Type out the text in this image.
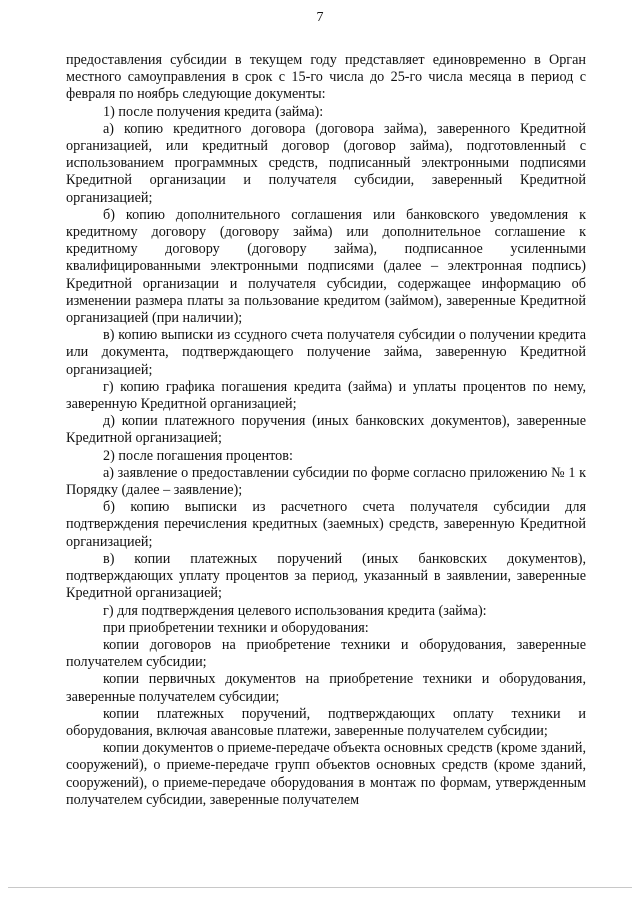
7

предоставления субсидии в текущем году представляет единовременно в Орган местного самоуправления в срок с 15-го числа до 25-го числа месяца в период с февраля по ноябрь следующие документы:

1) после получения кредита (займа):

а) копию кредитного договора (договора займа), заверенного Кредитной организацией, или кредитный договор (договор займа), подготовленный с использованием программных средств, подписанный электронными подписями Кредитной организации и получателя субсидии, заверенный Кредитной организацией;

б) копию дополнительного соглашения или банковского уведомления к кредитному договору (договору займа) или дополнительное соглашение к кредитному договору (договору займа), подписанное усиленными квалифицированными электронными подписями (далее – электронная подпись) Кредитной организации и получателя субсидии, содержащее информацию об изменении размера платы за пользование кредитом (займом), заверенные Кредитной организацией (при наличии);

в) копию выписки из ссудного счета получателя субсидии о получении кредита или документа, подтверждающего получение займа, заверенную Кредитной организацией;

г) копию графика погашения кредита (займа) и уплаты процентов по нему, заверенную Кредитной организацией;

д) копии платежного поручения (иных банковских документов), заверенные Кредитной организацией;

2) после погашения процентов:

а) заявление о предоставлении субсидии по форме согласно приложению № 1 к Порядку (далее – заявление);

б) копию выписки из расчетного счета получателя субсидии для подтверждения перечисления кредитных (заемных) средств, заверенную Кредитной организацией;

в) копии платежных поручений (иных банковских документов), подтверждающих уплату процентов за период, указанный в заявлении, заверенные Кредитной организацией;

г) для подтверждения целевого использования кредита (займа):

при приобретении техники и оборудования:

копии договоров на приобретение техники и оборудования, заверенные получателем субсидии;

копии первичных документов на приобретение техники и оборудования, заверенные получателем субсидии;

копии платежных поручений, подтверждающих оплату техники и оборудования, включая авансовые платежи, заверенные получателем субсидии;

копии документов о приеме-передаче объекта основных средств (кроме зданий, сооружений), о приеме-передаче групп объектов основных средств (кроме зданий, сооружений), о приеме-передаче оборудования в монтаж по формам, утвержденным получателем субсидии, заверенные получателем
